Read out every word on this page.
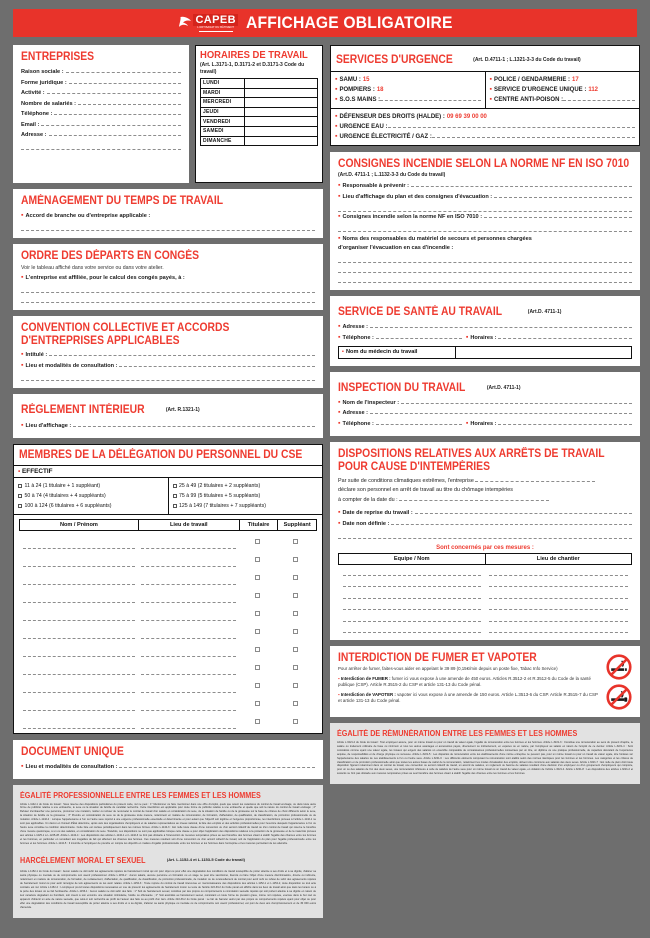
CAPEB
L'ARTISANAT DU BÂTIMENT AFFICHAGE OBLIGATOIRE
ENTREPRISES
Raison sociale :
Forme juridique :
Activité :
Nombre de salariés :
Téléphone :
Email :
Adresse :
HORAIRES DE TRAVAIL
(Art. L.3171-1, D.3171-2 et D.3171-3 Code du travail)
LUNDI	
MARDI	
MERCREDI	
JEUDI	
VENDREDI	
SAMEDI	
DIMANCHE	
AMÉNAGEMENT DU TEMPS DE TRAVAIL
▪ Accord de branche ou d'entreprise applicable :
ORDRE DES DÉPARTS EN CONGÉS
Voir le tableau affiché dans votre service ou dans votre atelier.
▪ L'entreprise est affiliée, pour le calcul des congés payés, à :
CONVENTION COLLECTIVE ET ACCORDS
D'ENTREPRISES APPLICABLES
▪ Intitulé :
▪ Lieu et modalités de consultation :
RÈGLEMENT INTÉRIEUR	(Art. R.1321-1)
▪ Lieu d'affichage :
MEMBRES DE LA DÉLÉGATION DU PERSONNEL DU CSE
▪ EFFECTIF
11 à 24 (1 titulaire + 1 suppléant)
50 à 74 (4 titulaires + 4 suppléants)
100 à 124 (6 titulaires + 6 suppléants)
25 à 49 (2 titulaires + 2 suppléants)
75 à 99 (5 titulaires + 5 suppléants)
125 à 149 (7 titulaires + 7 suppléants)
Nom / Prénom	Lieu de travail	Titulaire	Suppléant

DOCUMENT UNIQUE
▪ Lieu et modalités de consultation :
ÉGALITÉ PROFESSIONNELLE ENTRE LES FEMMES ET LES HOMMES
Article L.1142-1 du Code du travail : Sous réserve des dispositions particulières du présent code, nul ne peut : 1° Mentionner ou faire mentionner dans une offre d'emploi, quels que soient les caractères du contrat de travail envisagé, ou dans toute autre forme de publicité relative à une embauche, le sexe ou la situation de famille du candidat recherché. Cette interdiction est applicable pour toute forme de publicité relative à une embauche et quelle que soit la nature du contrat de travail envisagé ; 2° Refuser d'embaucher une personne, prononcer une mutation, résilier ou refuser de renouveler le contrat de travail d'un salarié en considération du sexe, de la situation de famille ou de la grossesse sur la base de critères de choix différents selon le sexe, la situation de famille ou la grossesse ; 3° Prendre en considération du sexe ou de la grossesse toute mesure, notamment en matière de rémunération, de formation, d'affectation, de qualification, de classification, de promotion professionnelle ou de mutation. Article L.1142-2 : Lorsque l'appartenance à l'un ou l'autre sexe répond à une exigence professionnelle essentielle et déterminante et pour autant que l'objectif soit légitime et l'exigence proportionnée, les interdictions prévues à l'article L.1142-1 ne sont pas applicables. Un décret en Conseil d'État détermine, après avis des organisations d'employeurs et de salariés représentatives au niveau national, la liste des emplois et des activités professionnelles pour l'exercice desquels l'appartenance à l'un ou l'autre sexe constitue la condition déterminante. Cette liste est révisée périodiquement dans les mêmes formes. Article L.1142-3 : Est nulle toute clause d'une convention ou d'un accord collectif de travail ou d'un contrat de travail qui réserve le bénéfice d'une mesure quelconque, à un ou des salariés, en considération du sexe. Toutefois, ces dispositions ne sont pas applicables lorsque cette clause a pour objet l'application des dispositions relatives à la protection de la grossesse et de la maternité prévues aux articles L.1225-1 à L.1225-28. Article L.1142-4 : Les dispositions des articles L.1142-1 et L.1142-3 ne font pas obstacle à l'intervention de mesures temporaires prises au seul bénéfice des femmes visant à établir l'égalité des chances entre les femmes et les hommes, en particulier en remédiant aux inégalités de fait qui affectent les chances des femmes. Ces mesures résultent soit d'une convention ou d'un accord collectif de travail, soit de l'application du plan pour l'égalité professionnelle entre les femmes et les hommes. Article L.1142-5 : Il incombe à l'employeur de prendre en compte les objectifs en matière d'égalité professionnelle entre les femmes et les hommes dans l'entreprise et les mesures permettant de les atteindre.
HARCÈLEMENT MORAL ET SEXUEL	(Art. L.1152-4 et L.1153-5 Code du travail)
Article L.1152-1 du Code du travail : Aucun salarié ne doit subir les agissements répétés de harcèlement moral qui ont pour objet ou pour effet une dégradation des conditions de travail susceptible de porter atteinte à ses droits et à sa dignité, d'altérer sa santé physique ou mentale ou de compromettre son avenir professionnel. Article L.1152-2 : Aucun salarié, aucune personne en formation ou en stage ne peut être sanctionné, licencié ou faire l'objet d'une mesure discriminatoire, directe ou indirecte, notamment en matière de rémunération, de formation, de reclassement, d'affectation, de qualification, de classification, de promotion professionnelle, de mutation ou de renouvellement de contrat pour avoir subi ou refusé de subir des agissements répétés de harcèlement moral ou pour avoir témoigné de tels agissements ou les avoir relatés. Article L.1152-3 : Toute rupture du contrat de travail intervenue en méconnaissance des dispositions des articles L.1152-1 et L.1152-2, toute disposition ou tout acte contraire est nul. Article L.1152-4 : L'employeur prend toutes dispositions nécessaires en vue de prévenir les agissements de harcèlement moral. Le texte de l'article 222-33-2 du Code pénal est affiché dans les lieux de travail ainsi que dans les locaux ou à la porte des locaux où se fait l'embauche. Article L.1153-1 : Aucun salarié ne doit subir des faits : 1° Soit de harcèlement sexuel, constitué par des propos ou comportements à connotation sexuelle répétés qui soit portent atteinte à sa dignité en raison de leur caractère dégradant ou humiliant, soit créent à son encontre une situation intimidante, hostile ou offensante ; 2° Soit assimilés au harcèlement sexuel, consistant en toute forme de pression grave, même non répétée, exercée dans le but réel ou apparent d'obtenir un acte de nature sexuelle, que celui-ci soit recherché au profit de l'auteur des faits ou au profit d'un tiers. Article 222-33-2 du Code pénal : Le fait de harceler autrui par des propos ou comportements répétés ayant pour objet ou pour effet une dégradation des conditions de travail susceptible de porter atteinte à ses droits et à sa dignité, d'altérer sa santé physique ou mentale ou de compromettre son avenir professionnel, est puni de deux ans d'emprisonnement et de 30 000 euros d'amende.
SERVICES D'URGENCE	(Art. D.4711-1 ; L.1321-3-3 du Code du travail)
▪ SAMU : 15
▪ POMPIERS : 18
▪ S.O.S MAINS :
▪ POLICE / GENDARMERIE : 17
▪ SERVICE D'URGENCE UNIQUE : 112
▪ CENTRE ANTI-POISON :
▪ DÉFENSEUR DES DROITS (HALDE) : 09 69 39 00 00
▪ URGENCE EAU :
▪ URGENCE ÉLECTRICITÉ / GAZ :
CONSIGNES INCENDIE SELON LA NORME NF EN ISO 7010
(Art.D. 4711-1 ; L.1132-3-3 du Code du travail)
▪ Responsable à prévenir :
▪ Lieu d'affichage du plan et des consignes d'évacuation :
▪ Consignes incendie selon la norme NF en ISO 7010 :
▪ Noms des responsables du matériel de secours et personnes chargées
d'organiser l'évacuation en cas d'incendie :
SERVICE DE SANTÉ AU TRAVAIL	(Art.D. 4711-1)
▪ Adresse :
▪ Téléphone :	▪ Horaires :
▪ Nom du médecin du travail
INSPECTION DU TRAVAIL	(Art.D. 4711-1)
▪ Nom de l'inspecteur :
▪ Adresse :
▪ Téléphone :	▪ Horaires :
DISPOSITIONS RELATIVES AUX ARRÊTS DE TRAVAIL
POUR CAUSE D'INTEMPÉRIES
Par suite de conditions climatiques extrêmes, l'entreprise
déclare son personnel en arrêt de travail au titre du chômage intempéries
à compter de la date du :
▪ Date de reprise du travail :
▪ Date non définie :
Sont concernés par ces mesures :
Equipe / Nom	Lieu de chantier

INTERDICTION DE FUMER ET VAPOTER
Pour arrêter de fumer, faites-vous aider en appelant le 39 89 (0,15€/min depuis un poste fixe, Tabac Info Service)
▪ Interdiction de FUMER : fumer ici vous expose à une amende de 450 euros. Articles R.3512-2 et R.3512-5 du Code de la santé publique (CSP). Article R.3515-2 du CSP et article 131-13 du Code pénal.
▪ Interdiction de VAPOTER : vapoter ici vous expose à une amende de 150 euros. Article L.3513-6 du CSP. Article R.3515-7 du CSP et article 131-13 du Code pénal.
ÉGALITÉ DE RÉMUNÉRATION ENTRE LES FEMMES ET LES HOMMES
Article L.3221-2 du Code du travail : Tout employeur assure, pour un même travail ou pour un travail de valeur égale, l'égalité de rémunération entre les femmes et les hommes. Article L.3221-3 : Constitue une rémunération au sens du présent chapitre, le salaire ou traitement ordinaire de base ou minimum et tous les autres avantages et accessoires payés, directement ou indirectement, en espèces ou en nature, par l'employeur au salarié en raison de l'emploi de ce dernier. Article L.3221-4 : Sont considérés comme ayant une valeur égale, les travaux qui exigent des salariés un ensemble comparable de connaissances professionnelles consacrées par un titre, un diplôme ou une pratique professionnelle, de capacités découlant de l'expérience acquise, de responsabilités et de charge physique ou nerveuse. Article L.3221-5 : Les disparités de rémunération entre les établissements d'une même entreprise ne peuvent pas, pour un même travail ou pour un travail de valeur égale, être fondées sur l'appartenance des salariés de ces établissements à l'un ou l'autre sexe. Article L.3221-6 : Les différents éléments composant la rémunération sont établis selon des normes identiques pour les femmes et les hommes. Les catégories et les critères de classification et de promotion professionnelle ainsi que toutes les autres bases de calcul de la rémunération, notamment les modes d'évaluation des emplois, doivent être communs aux salariés des deux sexes. Article L.3221-7 : Est nulle de plein droit toute disposition figurant notamment dans un contrat de travail, une convention ou accord collectif de travail, un accord de salaires, un règlement ou barème de salaires résultant d'une décision d'un employeur ou d'un groupement d'employeurs qui comporte, pour un ou des salariés de l'un des deux sexes, une rémunération inférieure à celle de salariés de l'autre sexe pour un même travail ou un travail de valeur égale, en violation de l'article L.3221-2. Article L.3221-8 : Les dispositions des articles L.3221-2 et suivants ne font pas obstacle aux mesures temporaires prises au seul bénéfice des femmes visant à établir l'égalité des chances entre les femmes et les hommes.
